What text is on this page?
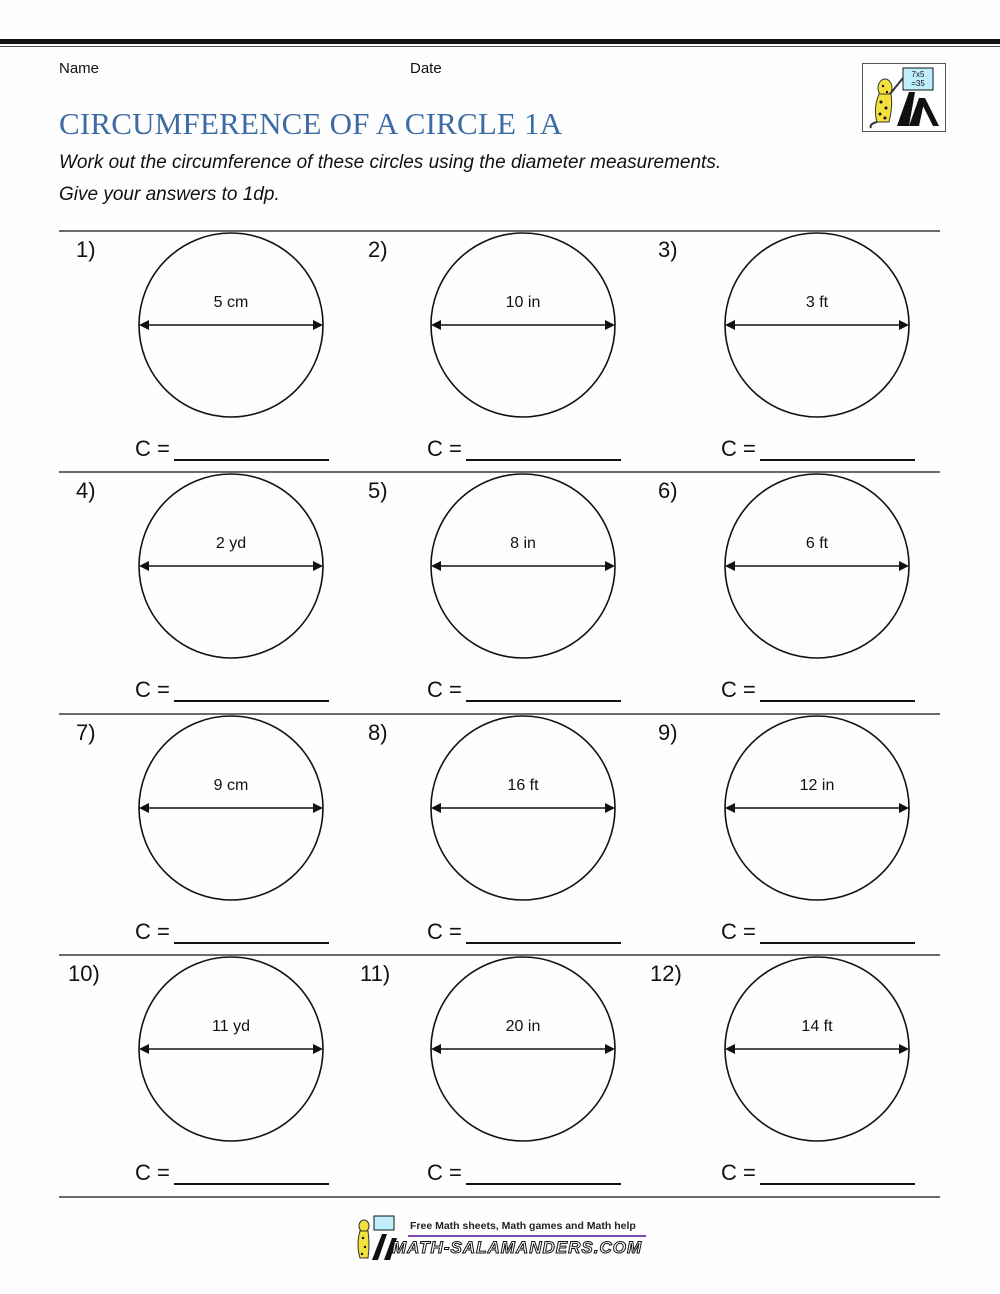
Name	Date	7x5
=35
CIRCUMFERENCE OF A CIRCLE 1A
Work out the circumference of these circles using the diameter measurements.
Give your answers to 1dp.
1)
5 cm
C =
2)
10 in
C =
3)
3 ft
C =
4)
2 yd
C =
5)
8 in
C =
6)
6 ft
C =
7)
9 cm
C =
8)
16 ft
C =
9)
12 in
C =
10)
11 yd
C =
11)
20 in
C =
12)
14 ft
C =
Free Math sheets, Math games and Math help
MATH-SALAMANDERS.COM
